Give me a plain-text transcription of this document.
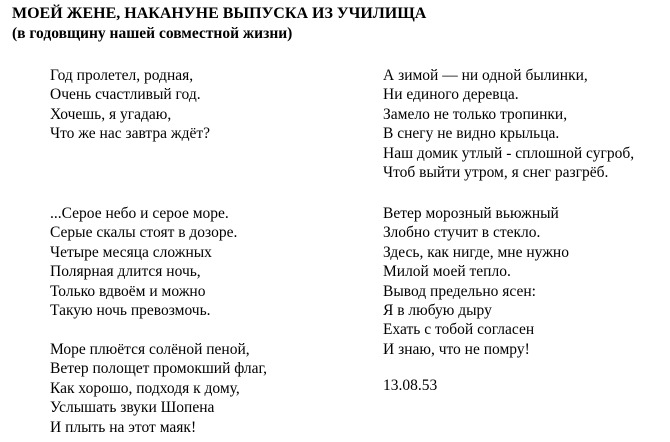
МОЕЙ ЖЕНЕ, НАКАНУНЕ ВЫПУСКА ИЗ УЧИЛИЩА
(в годовщину нашей совместной жизни)
Год пролетел, родная,
Очень счастливый год.
Хочешь, я угадаю,
Что же нас завтра ждёт?
...Серое небо и серое море.
Серые скалы стоят в дозоре.
Четыре месяца сложных
Полярная длится ночь,
Только вдвоём и можно
Такую ночь превозмочь.
Море плюётся солёной пеной,
Ветер полощет промокший флаг,
Как хорошо, подходя к дому,
Услышать звуки Шопена
И плыть на этот маяк!
А зимой — ни одной былинки,
Ни единого деревца.
Замело не только тропинки,
В снегу не видно крыльца.
Наш домик утлый - сплошной сугроб,
Чтоб выйти утром, я снег разгрёб.
Ветер морозный вьюжный
Злобно стучит в стекло.
Здесь, как нигде, мне нужно
Милой моей тепло.
Вывод предельно ясен:
Я в любую дыру
Ехать с тобой согласен
И знаю, что не помру!
13.08.53
